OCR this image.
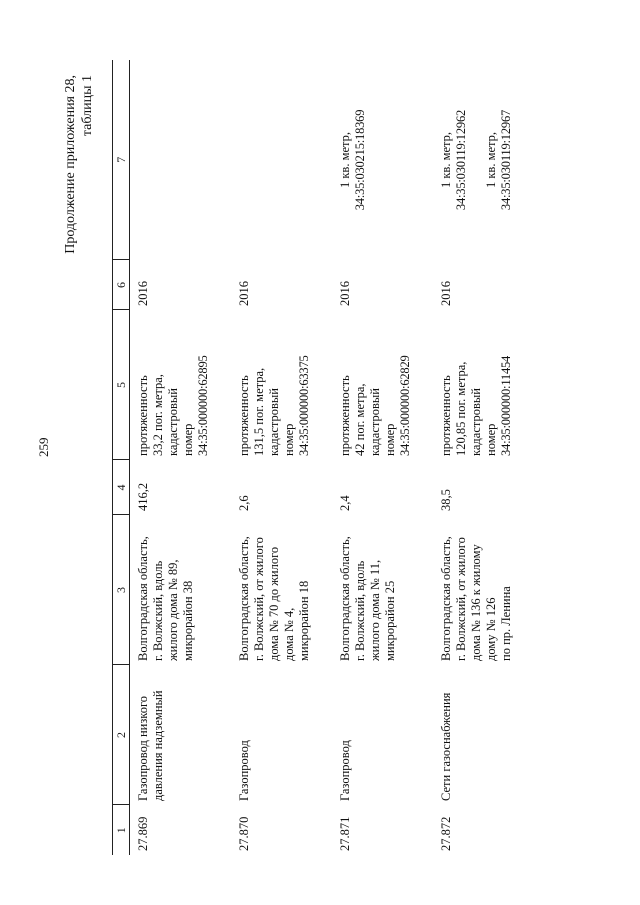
259
Продолжение приложения 28, таблицы 1
1	2	3	4	5	6	7
27.869	Газопровод низкого давления надземный	Волгоградская область, г. Волжский, вдоль жилого дома № 89, микрорайон 38	416,2	протяженность 33,2 пог. метра, кадастровый номер 34:35:000000:62895	2016	
27.870	Газопровод	Волгоградская область, г. Волжский, от жилого дома № 70 до жилого дома № 4, микрорайон 18	2,6	протяженность 131,5 пог. метра, кадастровый номер 34:35:000000:63375	2016	
27.871	Газопровод	Волгоградская область, г. Волжский, вдоль жилого дома № 11, микрорайон 25	2,4	протяженность 42 пог. метра, кадастровый номер 34:35:000000:62829	2016	1 кв. метр, 34:35:030215:18369

27.872	Сети газоснабжения	Волгоградская область, г. Волжский, от жилого дома № 136 к жилому дому № 126 по пр. Ленина	38,5	протяженность 120,85 пог. метра, кадастровый номер 34:35:000000:11454	2016	1 кв. метр, 34:35:030119:12962 1 кв. метр, 34:35:030119:12967
